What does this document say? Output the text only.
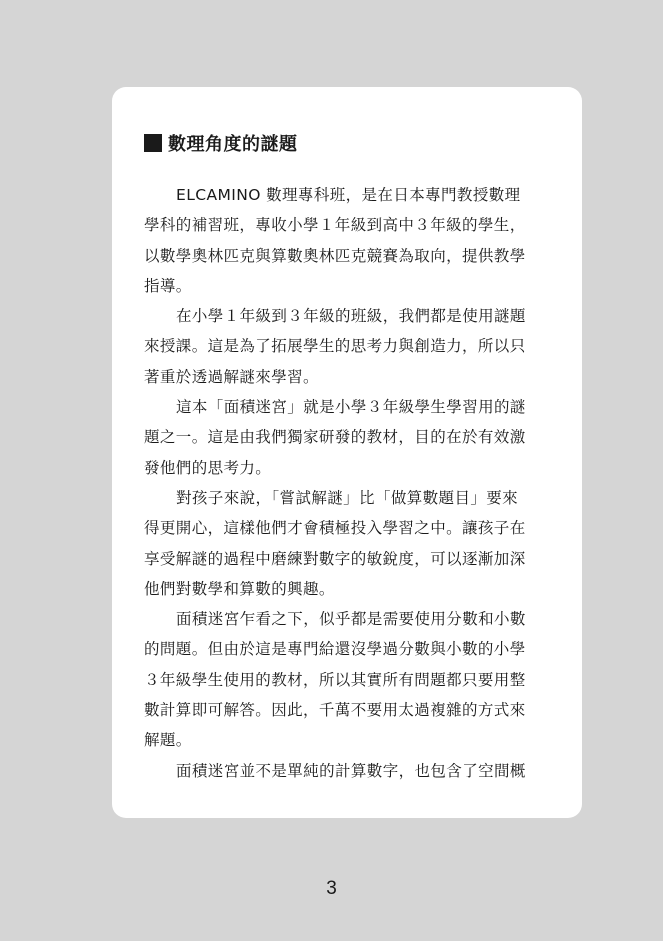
數理角度的謎題
ELCAMINO 數理專科班，是在日本專門教授數理
學科的補習班，專收小學１年級到高中３年級的學生，
以數學奧林匹克與算數奧林匹克競賽為取向，提供教學
指導。
在小學１年級到３年級的班級，我們都是使用謎題
來授課。這是為了拓展學生的思考力與創造力，所以只
著重於透過解謎來學習。
這本「面積迷宮」就是小學３年級學生學習用的謎
題之一。這是由我們獨家研發的教材，目的在於有效激
發他們的思考力。
對孩子來說，「嘗試解謎」比「做算數題目」要來
得更開心，這樣他們才會積極投入學習之中。讓孩子在
享受解謎的過程中磨練對數字的敏銳度，可以逐漸加深
他們對數學和算數的興趣。
面積迷宮乍看之下，似乎都是需要使用分數和小數
的問題。但由於這是專門給還沒學過分數與小數的小學
３年級學生使用的教材，所以其實所有問題都只要用整
數計算即可解答。因此，千萬不要用太過複雜的方式來
解題。
面積迷宮並不是單純的計算數字，也包含了空間概
3
